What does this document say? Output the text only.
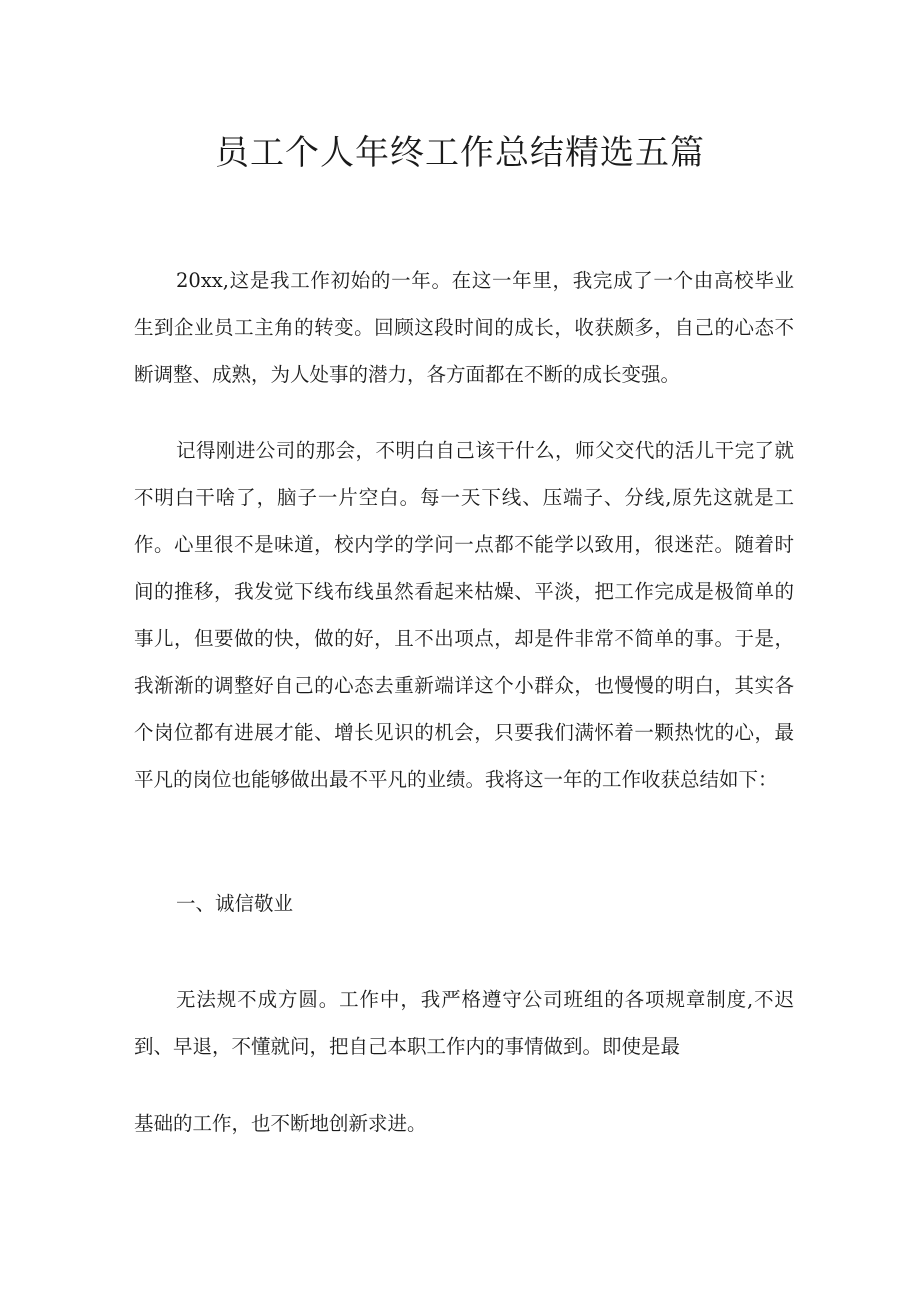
员工个人年终工作总结精选五篇

20xx,这是我工作初始的一年。在这一年里，我完成了一个由高校毕业生到企业员工主角的转变。回顾这段时间的成长，收获颇多，自己的心态不断调整、成熟，为人处事的潜力，各方面都在不断的成长变强。

记得刚进公司的那会，不明白自己该干什么，师父交代的活儿干完了就不明白干啥了，脑子一片空白。每一天下线、压端子、分线,原先这就是工作。心里很不是味道，校内学的学问一点都不能学以致用，很迷茫。随着时间的推移，我发觉下线布线虽然看起来枯燥、平淡，把工作完成是极简单的事儿，但要做的快，做的好，且不出项点，却是件非常不简单的事。于是，我渐渐的调整好自己的心态去重新端详这个小群众，也慢慢的明白，其实各个岗位都有进展才能、增长见识的机会，只要我们满怀着一颗热忱的心，最平凡的岗位也能够做出最不平凡的业绩。我将这一年的工作收获总结如下：

一、诚信敬业

无法规不成方圆。工作中，我严格遵守公司班组的各项规章制度,不迟到、早退，不懂就问，把自己本职工作内的事情做到。即使是最

基础的工作，也不断地创新求进。
